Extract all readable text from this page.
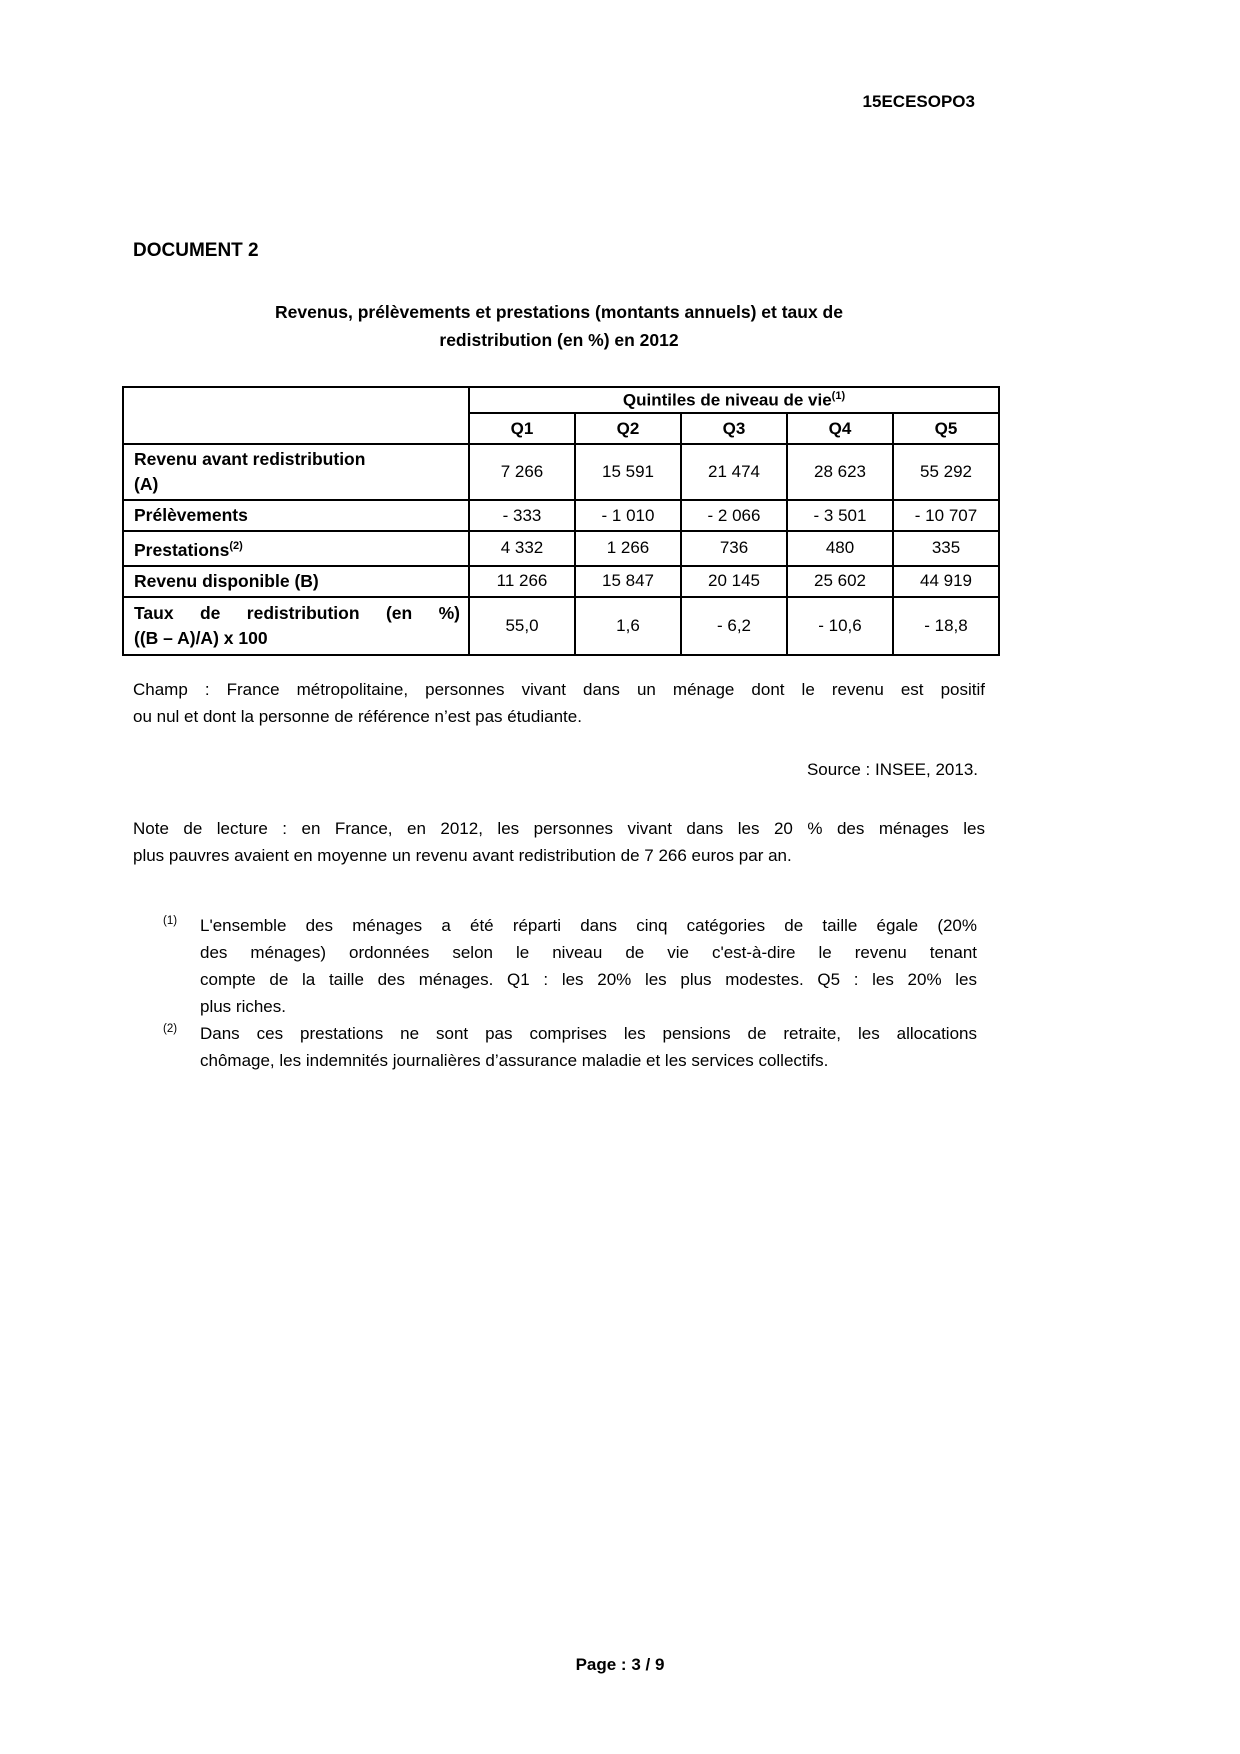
15ECESOPO3
DOCUMENT 2
Revenus, prélèvements et prestations (montants annuels) et taux de
redistribution (en %) en 2012
	Quintiles de niveau de vie$^{(1)}$
	Q1	Q2	Q3	Q4	Q5

Revenu avant redistribution
(A)	7 266	15 591	21 474	28 623	55 292

Prélèvements	- 333	- 1 010	- 2 066	- 3 501	- 10 707

Prestations$^{(2)}$	4 332	1 266	736	480	335

Revenu disponible (B)	11 266	15 847	20 145	25 602	44 919

Taux de redistribution (en %)
((B – A)/A) x 100	55,0	1,6	- 6,2	- 10,6	- 18,8
Champ : France métropolitaine, personnes vivant dans un ménage dont le revenu est positif
ou nul et dont la personne de référence n’est pas étudiante.
Source : INSEE, 2013.
Note de lecture : en France, en 2012, les personnes vivant dans les 20 % des ménages les
plus pauvres avaient en moyenne un revenu avant redistribution de 7 266 euros par an.
(1)	L'ensemble des ménages a été réparti dans cinq catégories de taille égale (20%
des ménages) ordonnées selon le niveau de vie c'est-à-dire le revenu tenant
compte de la taille des ménages. Q1 : les 20% les plus modestes. Q5 : les 20% les
plus riches.
(2)	Dans ces prestations ne sont pas comprises les pensions de retraite, les allocations
chômage, les indemnités journalières d’assurance maladie et les services collectifs.
Page : 3 / 9
